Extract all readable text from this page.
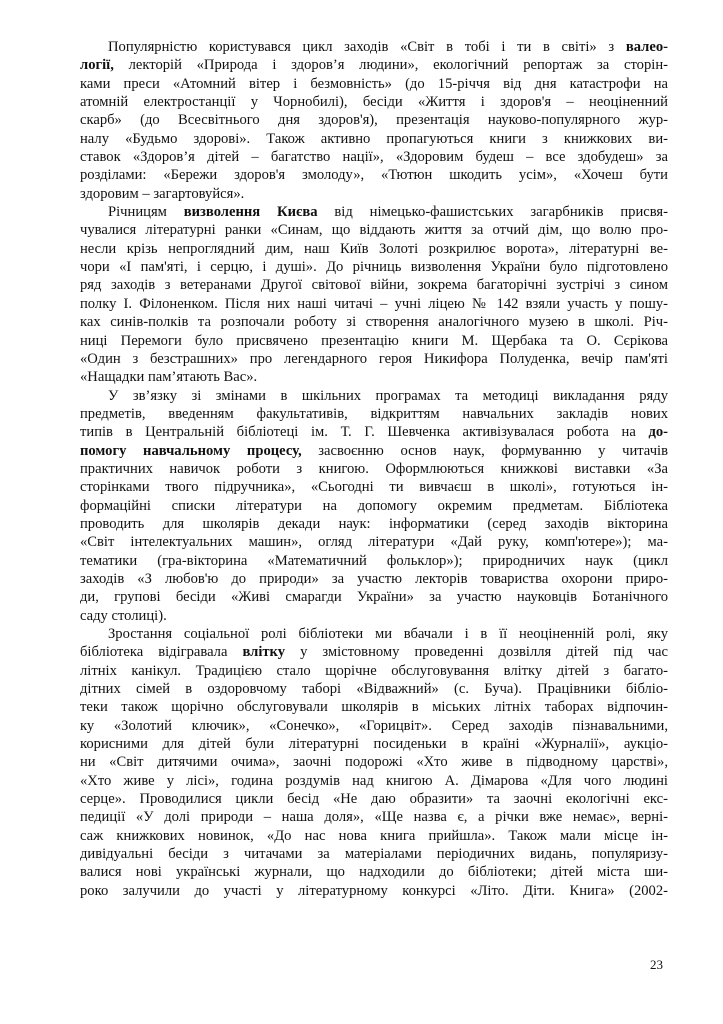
Популярністю користувався цикл заходів «Світ в тобі і ти в світі» з валео-
логії, лекторій «Природа і здоров’я людини», екологічний репортаж за сторін-
ками преси «Атомний вітер і безмовність» (до 15-річчя від дня катастрофи на
атомній електростанції у Чорнобилі), бесіди «Життя і здоров'я – неоціненний
скарб» (до Всесвітнього дня здоров'я), презентація науково-популярного жур-
налу «Будьмо здорові». Також активно пропагуються книги з книжкових ви-
ставок «Здоров’я дітей – багатство нації», «Здоровим будеш – все здобудеш» за
розділами: «Бережи здоров'я змолоду», «Тютюн шкодить усім», «Хочеш бути
здоровим – загартовуйся».
Річницям визволення Києва від німецько-фашистських загарбників присвя-
чувалися літературні ранки «Синам, що віддають життя за отчий дім, що волю про-
несли крізь непроглядний дим, наш Київ Золоті розкрилює ворота», літературні ве-
чори «І пам'яті, і серцю, і душі». До річниць визволення України було підготовлено
ряд заходів з ветеранами Другої світової війни, зокрема багаторічні зустрічі з сином
полку І. Філоненком. Після них наші читачі – учні ліцею № 142 взяли участь у пошу-
ках синів-полків та розпочали роботу зі створення аналогічного музею в школі. Річ-
ниці Перемоги було присвячено презентацію книги М. Щербака та О. Сєрікова
«Один з безстрашних» про легендарного героя Никифора Полуденка, вечір пам'яті
«Нащадки пам’ятають Вас».
У зв’язку зі змінами в шкільних програмах та методиці викладання ряду
предметів, введенням факультативів, відкриттям навчальних закладів нових
типів в Центральній бібліотеці ім. Т. Г. Шевченка активізувалася робота на до-
помогу навчальному процесу, засвоєнню основ наук, формуванню у читачів
практичних навичок роботи з книгою. Оформлюються книжкові виставки «За
сторінками твого підручника», «Сьогодні ти вивчаєш в школі», готуються ін-
формаційні списки літератури на допомогу окремим предметам. Бібліотека
проводить для школярів декади наук: інформатики (серед заходів вікторина
«Світ інтелектуальних машин», огляд літератури «Дай руку, комп'ютере»); ма-
тематики (гра-вікторина «Математичний фольклор»); природничих наук (цикл
заходів «З любов'ю до природи» за участю лекторів товариства охорони приро-
ди, групові бесіди «Живі смарагди України» за участю науковців Ботанічного
саду столиці).
Зростання соціальної ролі бібліотеки ми вбачали і в її неоціненній ролі, яку
бібліотека відігравала влітку у змістовному проведенні дозвілля дітей під час
літніх канікул. Традицією стало щорічне обслуговування влітку дітей з багато-
дітних сімей в оздоровчому таборі «Відважний» (с. Буча). Працівники бібліо-
теки також щорічно обслуговували школярів в міських літніх таборах відпочин-
ку «Золотий ключик», «Сонечко», «Горицвіт». Серед заходів пізнавальними,
корисними для дітей були літературні посиденьки в країні «Журналії», аукціо-
ни «Світ дитячими очима», заочні подорожі «Хто живе в підводному царстві»,
«Хто живе у лісі», година роздумів над книгою А. Дімарова «Для чого людині
серце». Проводилися цикли бесід «Не даю образити» та заочні екологічні екс-
педиції «У долі природи – наша доля», «Ще назва є, а річки вже немає», верні-
саж книжкових новинок, «До нас нова книга прийшла». Також мали місце ін-
дивідуальні бесіди з читачами за матеріалами періодичних видань, популяризу-
валися нові українські журнали, що надходили до бібліотеки; дітей міста ши-
роко залучили до участі у літературному конкурсі «Літо. Діти. Книга» (2002-
23
